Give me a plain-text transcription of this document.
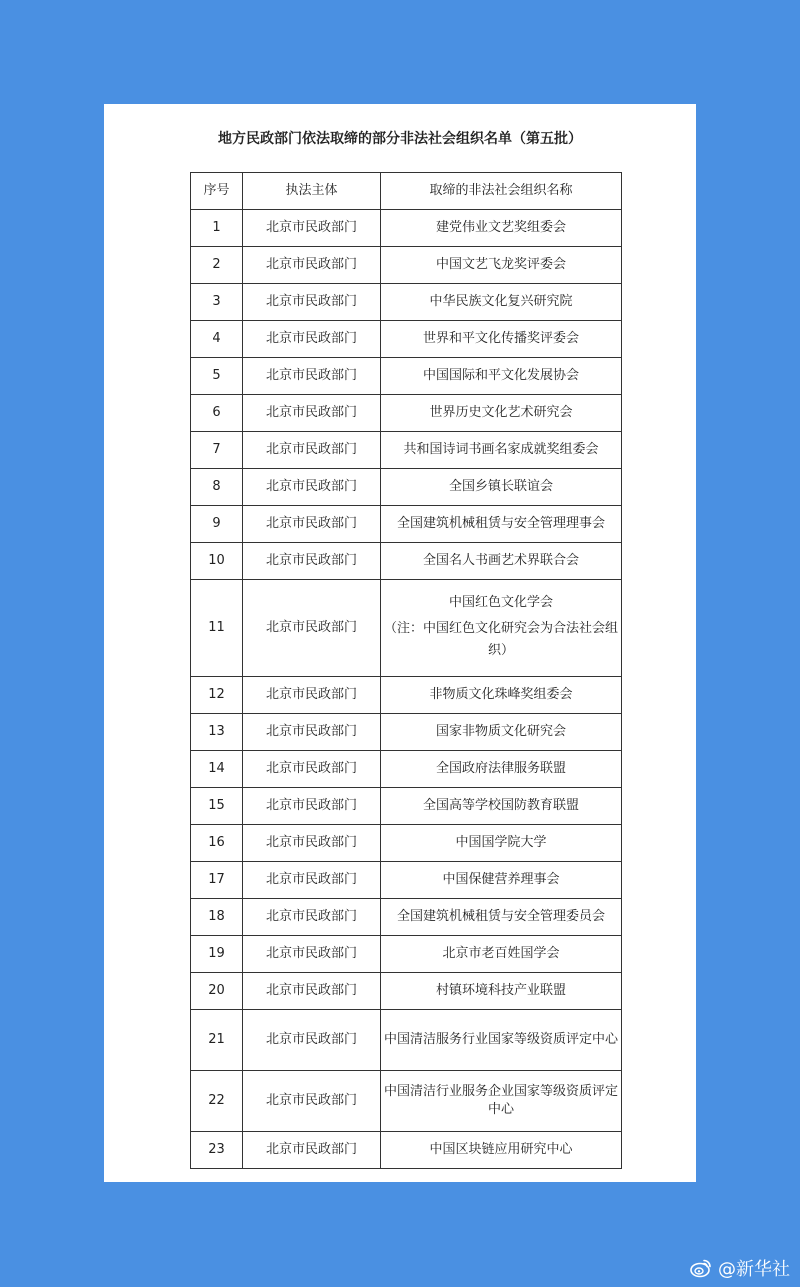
地方民政部门依法取缔的部分非法社会组织名单（第五批）
序号	执法主体	取缔的非法社会组织名称
1	北京市民政部门	建党伟业文艺奖组委会
2	北京市民政部门	中国文艺飞龙奖评委会
3	北京市民政部门	中华民族文化复兴研究院
4	北京市民政部门	世界和平文化传播奖评委会
5	北京市民政部门	中国国际和平文化发展协会
6	北京市民政部门	世界历史文化艺术研究会
7	北京市民政部门	共和国诗词书画名家成就奖组委会
8	北京市民政部门	全国乡镇长联谊会
9	北京市民政部门	全国建筑机械租赁与安全管理理事会
10	北京市民政部门	全国名人书画艺术界联合会
11	北京市民政部门	中国红色文化学会
（注：中国红色文化研究会为合法社会组织）

12	北京市民政部门	非物质文化珠峰奖组委会
13	北京市民政部门	国家非物质文化研究会
14	北京市民政部门	全国政府法律服务联盟
15	北京市民政部门	全国高等学校国防教育联盟
16	北京市民政部门	中国国学院大学
17	北京市民政部门	中国保健营养理事会
18	北京市民政部门	全国建筑机械租赁与安全管理委员会
19	北京市民政部门	北京市老百姓国学会
20	北京市民政部门	村镇环境科技产业联盟
21	北京市民政部门	中国清洁服务行业国家等级资质评定中心
22	北京市民政部门	中国清洁行业服务企业国家等级资质评定中心
23	北京市民政部门	中国区块链应用研究中心
@新华社
